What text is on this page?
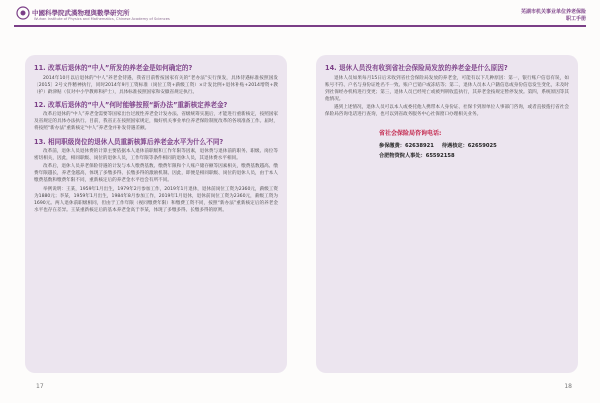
中國科學院武漢物理與數學研究所
Wuhan Institute of Physics and Mathematics, Chinese Academy of Sciences
11. 改革后退休的“中人”所发的养老金是如何确定的?

2014年10月以后退休的“中人”养老金待遇，我省目前暂按国家有关的“老办法”实行预发，具体待遇标准按照国发〔2015〕2号文件精神执行，同时2014年9月工资标准（岗位工资+薪级工资）×计发比例+退休补贴+2014增资+教（护）龄津贴（仅对中小学教师和护士），具体标准按照国家和安徽省规定执行。

12. 改革后退休的“中人”何时能够按照“新办法”重新核定养老金?

改革后退休的“中人”养老金需要等国家出台过渡性养老金计发办法、省级统筹实施后，才能进行重新核定，按照国家及省规定的具体办法执行。目前，我省正在按照国家规定，做好机关事业单位养老保险制度改革的各项准备工作。届时，将按照“新办法”重新核定“中人”养老金并补发待遇差额。

13. 相同职级岗位的退休人员重新核算后养老金水平为什么不同?

改革前，退休人员退休费的计算主要依据本人退休前职级和工作年限等因素，退休费与退休前的职务、职级、岗位等密切相关，因此，相同职级、岗位的退休人员，工作年限等条件相同的退休人员，其退休费水平相同。

改革后，退休人员养老保险待遇的计发与本人缴费基数、缴费年限和个人账户储存额等因素相关，缴费基数越高、缴费年限越长，养老金越高，体现了多缴多得、长缴多得的激励机制。因此，即便是相同职级、岗位的退休人员，由于本人缴费基数和缴费年限不同，重新核定后的养老金水平也会有所不同。

举例说明：王某，1959年1月出生，1979年2月参加工作，2019年1月退休，退休前岗位工资为2360元，薪级工资为1880元；李某，1959年1月出生，1984年8月参加工作，2019年1月退休，退休前岗位工资为2360元，薪级工资为1690元。两人退休前职级相同，但由于工作年限（视同缴费年限）和缴费工资不同，按照“新办法”重新核定后的养老金水平也存在差异。王某重新核定后的基本养老金高于李某，体现了多缴多得、长缴多得的原则。

17
芜湖市机关事业单位养老保险
职工手册
14. 退休人员没有收到省社会保险局发放的养老金是什么原因?

退休人员如果每月15日后未收到省社会保险局发放的养老金，可能有以下几种原因：第一，银行账户信息有误，如账号不符、户名与身份证姓名不一致、账户已销户或冻结等；第二，退休人员本人户籍信息或身份信息发生变化，未及时到社保经办机构进行变更；第三，退休人员已经死亡或被判刑收监执行，其养老金按规定暂停发放。第四，系统原因等其他情况。

遇到上述情况，退休人员可以本人或委托他人携带本人身份证、社保卡到原单位人事部门咨询，或者直接拨打省社会保险局咨询电话进行查询，也可以到省政务服务中心社保窗口办理相关业务。

省社会保险局咨询电话:
参保缴费：62638921 待遇核定：62659025
合肥物资院人事处：65592158
18
